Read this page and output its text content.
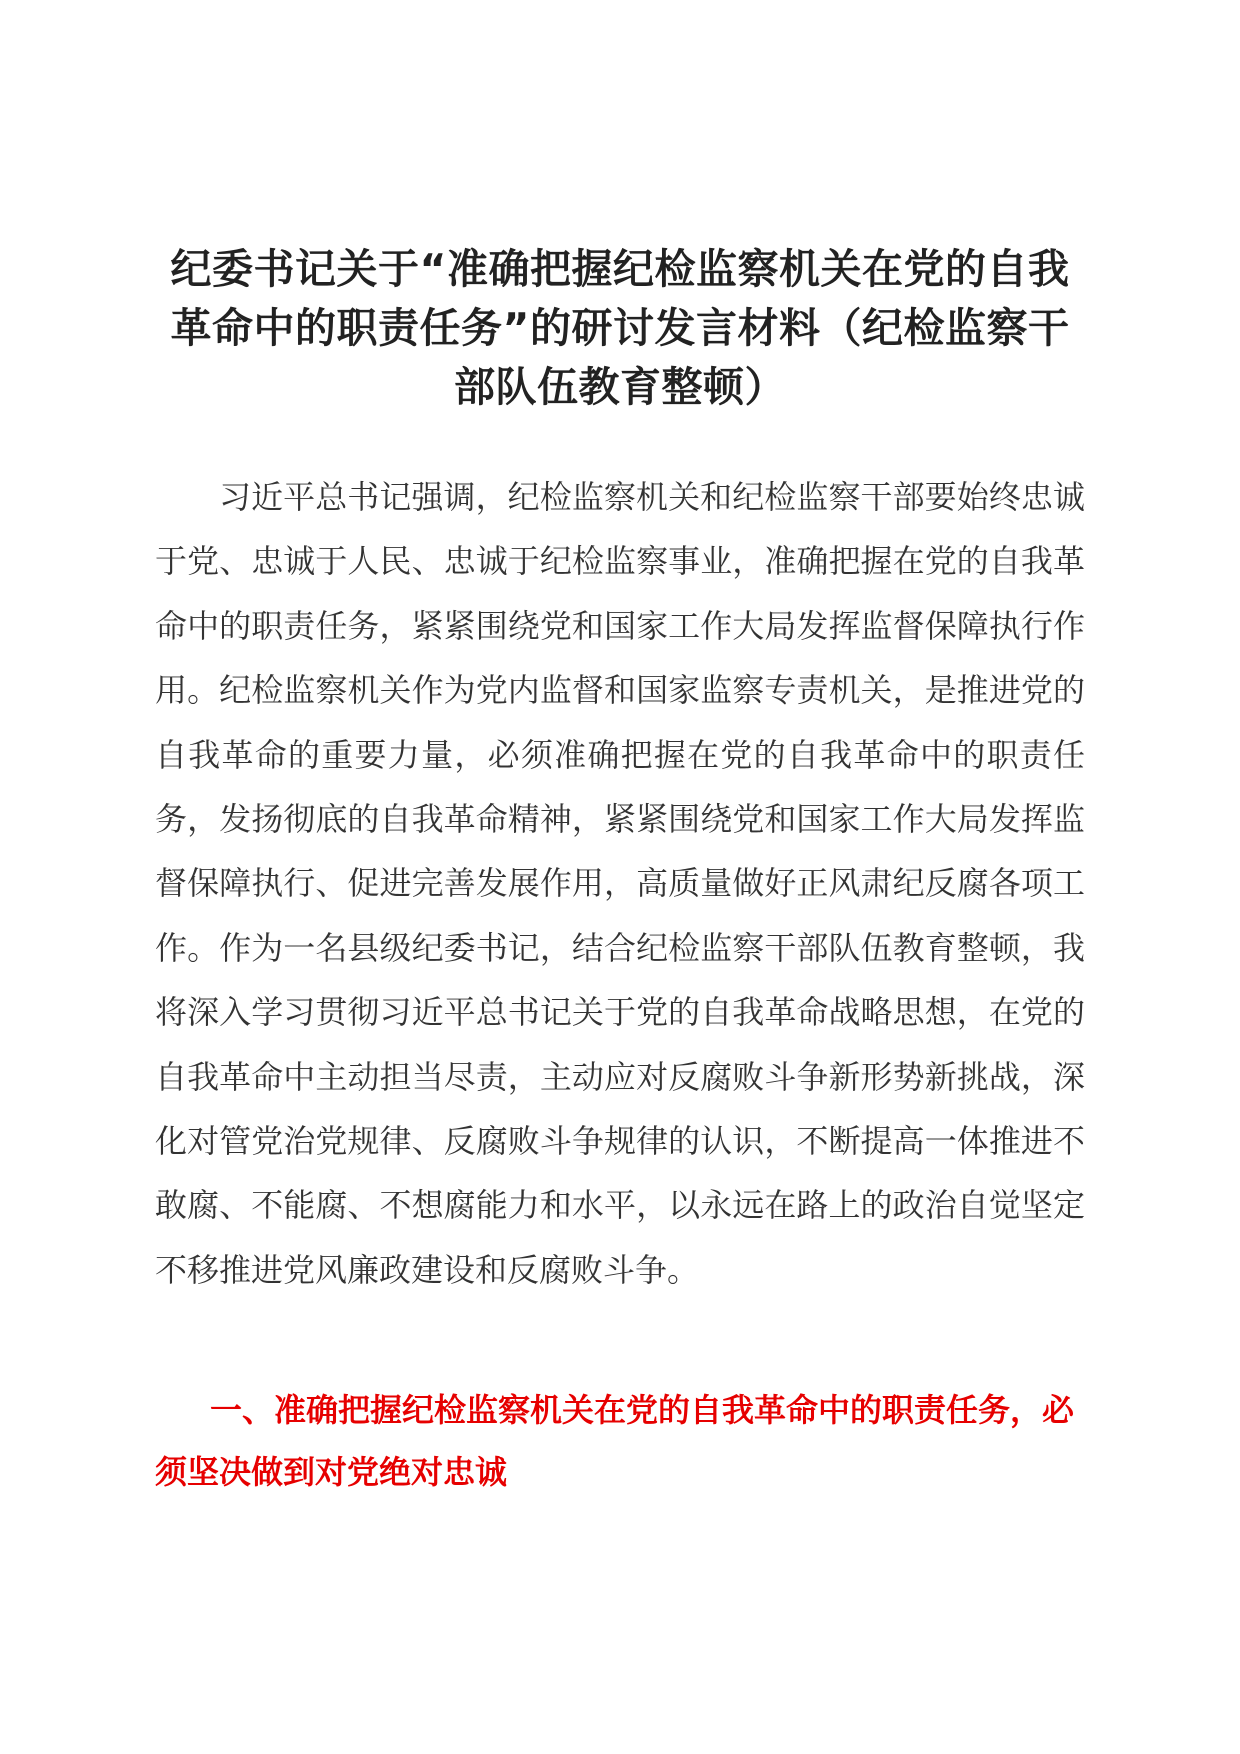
纪委书记关于“准确把握纪检监察机关在党的自我革命中的职责任务”的研讨发言材料（纪检监察干部队伍教育整顿）

习近平总书记强调，纪检监察机关和纪检监察干部要始终忠诚于党、忠诚于人民、忠诚于纪检监察事业，准确把握在党的自我革命中的职责任务，紧紧围绕党和国家工作大局发挥监督保障执行作用。纪检监察机关作为党内监督和国家监察专责机关，是推进党的自我革命的重要力量，必须准确把握在党的自我革命中的职责任务，发扬彻底的自我革命精神，紧紧围绕党和国家工作大局发挥监督保障执行、促进完善发展作用，高质量做好正风肃纪反腐各项工作。作为一名县级纪委书记，结合纪检监察干部队伍教育整顿，我将深入学习贯彻习近平总书记关于党的自我革命战略思想，在党的自我革命中主动担当尽责，主动应对反腐败斗争新形势新挑战，深化对管党治党规律、反腐败斗争规律的认识，不断提高一体推进不敢腐、不能腐、不想腐能力和水平，以永远在路上的政治自觉坚定不移推进党风廉政建设和反腐败斗争。

一、准确把握纪检监察机关在党的自我革命中的职责任务，必须坚决做到对党绝对忠诚
